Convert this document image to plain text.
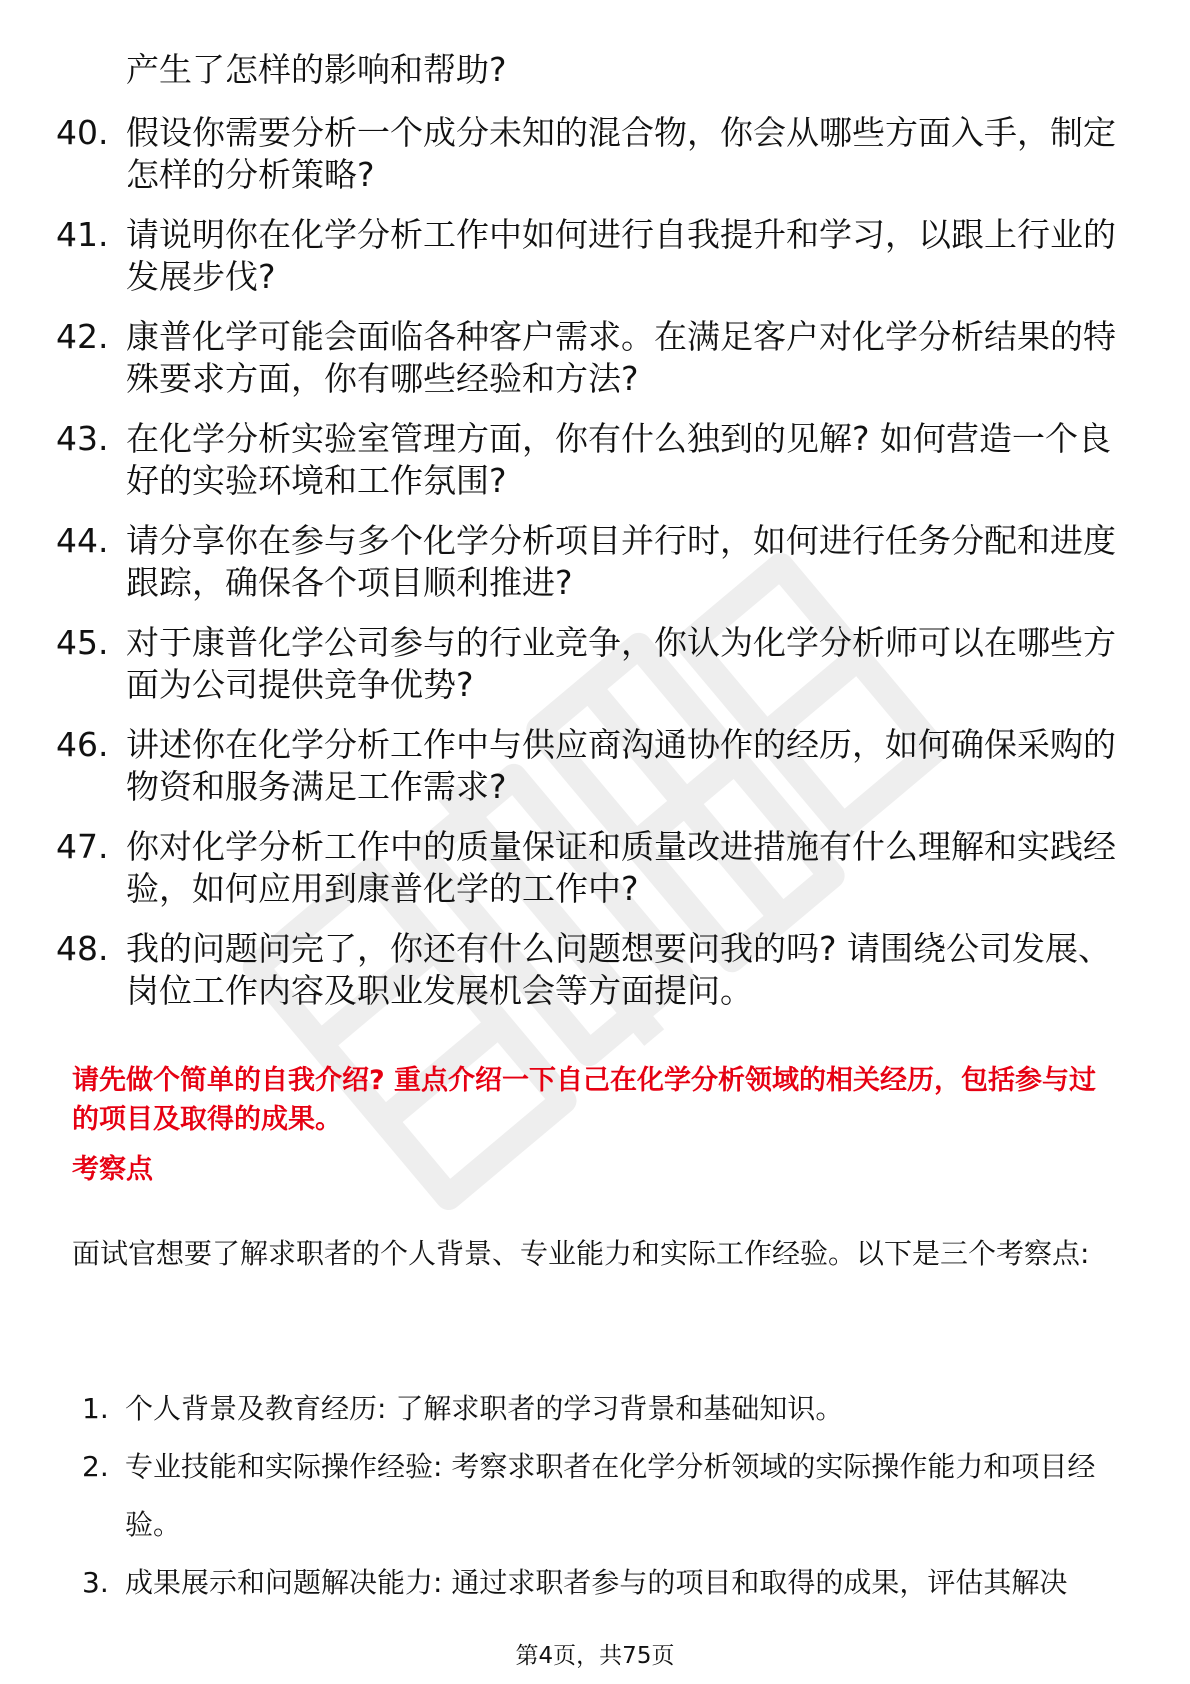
产生了怎样的影响和帮助?
40. 假设你需要分析一个成分未知的混合物，你会从哪些方面入手，制定怎样的分析策略?
41. 请说明你在化学分析工作中如何进行自我提升和学习，以跟上行业的发展步伐?
42. 康普化学可能会面临各种客户需求。在满足客户对化学分析结果的特殊要求方面，你有哪些经验和方法?
43. 在化学分析实验室管理方面，你有什么独到的见解? 如何营造一个良好的实验环境和工作氛围?
44. 请分享你在参与多个化学分析项目并行时，如何进行任务分配和进度跟踪，确保各个项目顺利推进?
45. 对于康普化学公司参与的行业竞争，你认为化学分析师可以在哪些方面为公司提供竞争优势?
46. 讲述你在化学分析工作中与供应商沟通协作的经历，如何确保采购的物资和服务满足工作需求?
47. 你对化学分析工作中的质量保证和质量改进措施有什么理解和实践经验，如何应用到康普化学的工作中?
48. 我的问题问完了，你还有什么问题想要问我的吗? 请围绕公司发展、岗位工作内容及职业发展机会等方面提问。
请先做个简单的自我介绍? 重点介绍一下自己在化学分析领域的相关经历，包括参与过的项目及取得的成果。
考察点
面试官想要了解求职者的个人背景、专业能力和实际工作经验。以下是三个考察点:
1. 个人背景及教育经历: 了解求职者的学习背景和基础知识。
2. 专业技能和实际操作经验: 考察求职者在化学分析领域的实际操作能力和项目经验。
3. 成果展示和问题解决能力: 通过求职者参与的项目和取得的成果，评估其解决
第4页，共75页
